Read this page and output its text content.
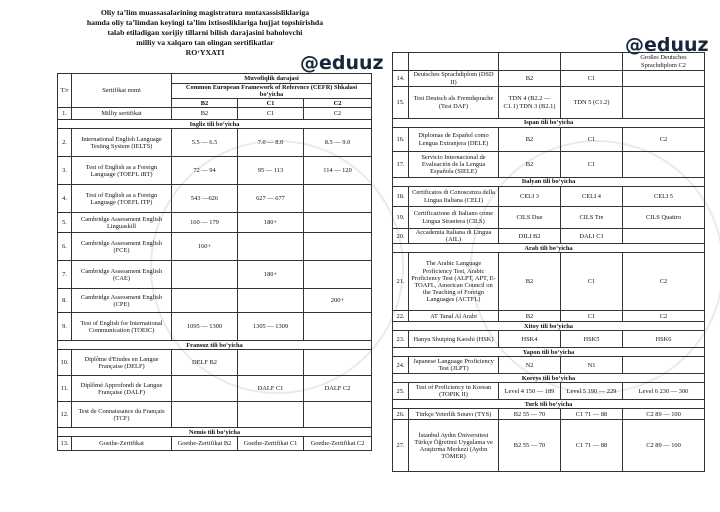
Oliy ta’lim muassasalarining magistratura mutaxassisliklariga
hamda oliy ta’limdan keyingi ta’lim ixtisosliklariga hujjat topshirishda
talab etiladigan xorijiy tillarni bilish darajasini baholovchi
milliy va xalqaro tan olingan sertifikatlar
RO‘YXATI	@eduuz
@eduuz
T/r	Sertifikat nomi	Muvofiqlik darajasi		
		Common European Framework of Reference (CEFR) Shkalasi bo‘yicha		
		B2	C1	C2
1.	Milliy sertifikat	B2	C1	C2
Ingliz tili bo‘yicha				
2.	International English Language Testing System (IELTS)	5.5 — 6.5	7.0 — 8.0	8.5 — 9.0
3.	Test of English as a Foreign Language (TOEFL iBT)	72 — 94	95 — 113	114 — 120
4.	Test of English as a Foreign Language (TOEFL ITP)	543 —626	627 — 677	
5.	Cambridge Assessment English Linguaskill	160 — 179	180+	
6.	Cambridge Assessment English (FCE)	160+		
7.	Cambridge Assessment English (CAE)		180+	
8.	Cambridge Assessment English (CPE)			200+
9.	Test of English for International Communication (TOEIC)	1095 — 1300	1305 — 1309	
Fransuz tili bo‘yicha				
10.	Diplôme d'Etudes en Langue Française (DELF)	DELF B2		
11.	Diplômé Approfondi de Langue Française (DALF)		DALF C1	DALF C2
12.	Test de Connaissance du Français (TCF)			
Nemis tili bo‘yicha				
13.	Goethe-Zertifikat	Goethe-Zertifikat B2	Goethe-Zertifikat C1	Goethe-Zertifikat C2
				Großes Deutsches Sprachdiplom C2
14.	Deutsches Sprachdiplom (DSD II)	B2	C1	
15.	Test Deutsch als Fremdsprache (Test DAF)	TDN 4 (B2.2 — C1.1) TDN 3 (B2.1)	TDN 5 (C1.2)	
Ispan tili bo‘yicha				
16.	Diplomas de Español como Lengua Extranjera (DELE)	B2	C1	C2
17.	Servicio Internacional de Evaluación de la Lengua Española (SIELE)	B2	C1	
Italyan tili bo‘yicha				
18.	Certificatos di Conoscenza della Lingua Italiana (CELI)	CELI 3	CELI 4	CELI 5
19.	Certificazione di Italiano come Lingua Straniera (CILS)	CILS Due	CILS Tre	CILS Quattro
20.	Accademia Italiana di Lingua (AIL)	DILI B2	DALI C1	
Arab tili bo‘yicha				
21.	The Arabic Language Proficiency Test, Arabic Proficiency Test (ALPT, APT, E-TOAFL, American Council on the Teaching of Foreign Languages (ACTFL)	B2	C1	C2
22.	AT Tanal Al Arabi	B2	C1	C2
Xitoy tili bo‘yicha				
23.	Hanyu Shuiping Kaoshi (HSK)	HSK4	HSK5	HSK6
Yapon tili bo‘yicha				
24.	Japanese Language Proficiency Test (JLPT)	N2	N1	
Koreys tili bo‘yicha				
25.	Test of Proficiency in Korean (TOPIK II)	Level 4 150 — 189	Level 5 190 — 229	Level 6 230 — 300
Turk tili bo‘yicha				
26.	Türkçe Yeterlik Sınavı (TYS)	B2 55 — 70	C1 71 — 88	C2 89 — 100
27.	İstanbul Aydın Üniversitesi Türkçe Öğretimi Uygulama ve Araştırma Merkezi (Aydın TÖMER)	B2 55 — 70	C1 71 — 88	C2 89 — 100
